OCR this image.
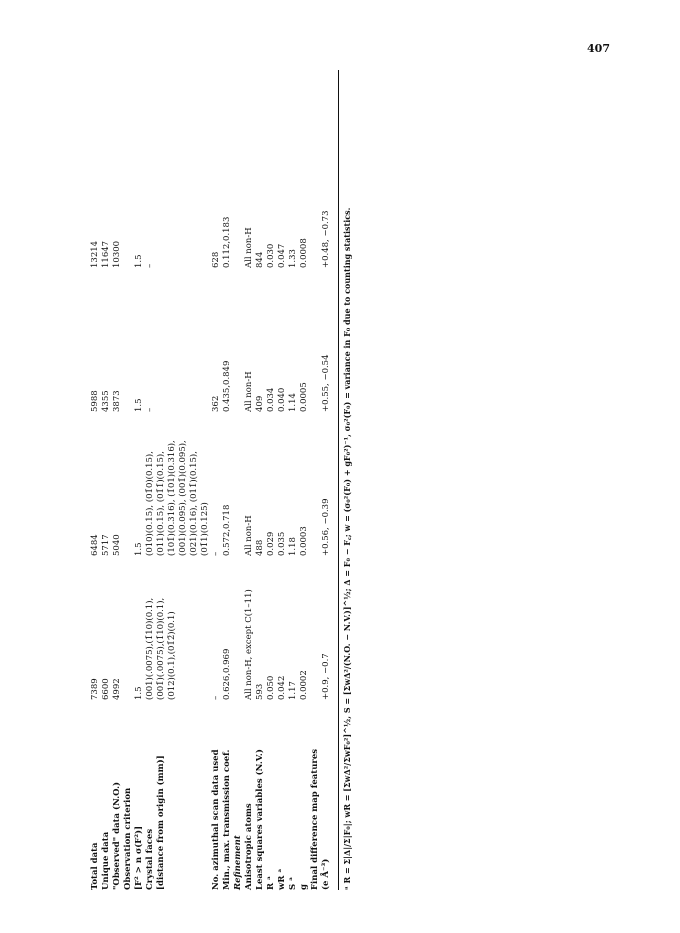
407
Total data
7389
6484
5988
13214
Unique data
6600
5717
4355
11647
"Observed" data (N.O.)
4992
5040
3873
10300
Observation criterion [F² > n σ(F²)]
1.5
1.5
1.5
1.5
Crystal faces
(001)(.0075),(1̄10)(0.1),
(010)(0.15), (01̄0)(0.15),
–
–
[distance from origin (mm)]
(001̄)(.0075),(1̄10)(0.1),
(011)(0.15), (01̄1̄)(0.15),
(012)(0.1),(01̄2̄)(0.1)
(101̄)(0.316), (1̄01)(0.316), (001)(0.095), (001̄)(0.095), (021)(0.16), (011̄)(0.15), (01̄1)(0.125)
No. azimuthal scan data used
–
–
362
628
Min., max. transmission coef.
0.626,0.969
0.572,0.718
0.435,0.849
0.112,0.183
Refinement Anisotropic atoms
All non-H, except C(1–11)
All non-H
All non-H
All non-H
Least squares variables (N.V.)
593
488
409
844
R ᵃ
0.050
0.029
0.034
0.030
wR ᵃ
0.042
0.035
0.040
0.047
S ᵃ
1.17
1.18
1.14
1.33
g
0.0002
0.0003
0.0005
0.0008
Final difference map features (e Å⁻³)
+0.9, −0.7
+0.56, −0.39
+0.55, −0.54
+0.48, −0.73 ᵃ R = Σ|Δ|/Σ|F₀|; wR = [ΣwΔ²/ΣwF₀²]^½, S = [ΣwΔ²/(N.O. − N.V.)]^½; Δ = F₀ − F꜀; w = (σ₀²(F₀) + gF₀²)⁻¹, σ₀²(F₀) = variance in F₀ due to counting statistics.
